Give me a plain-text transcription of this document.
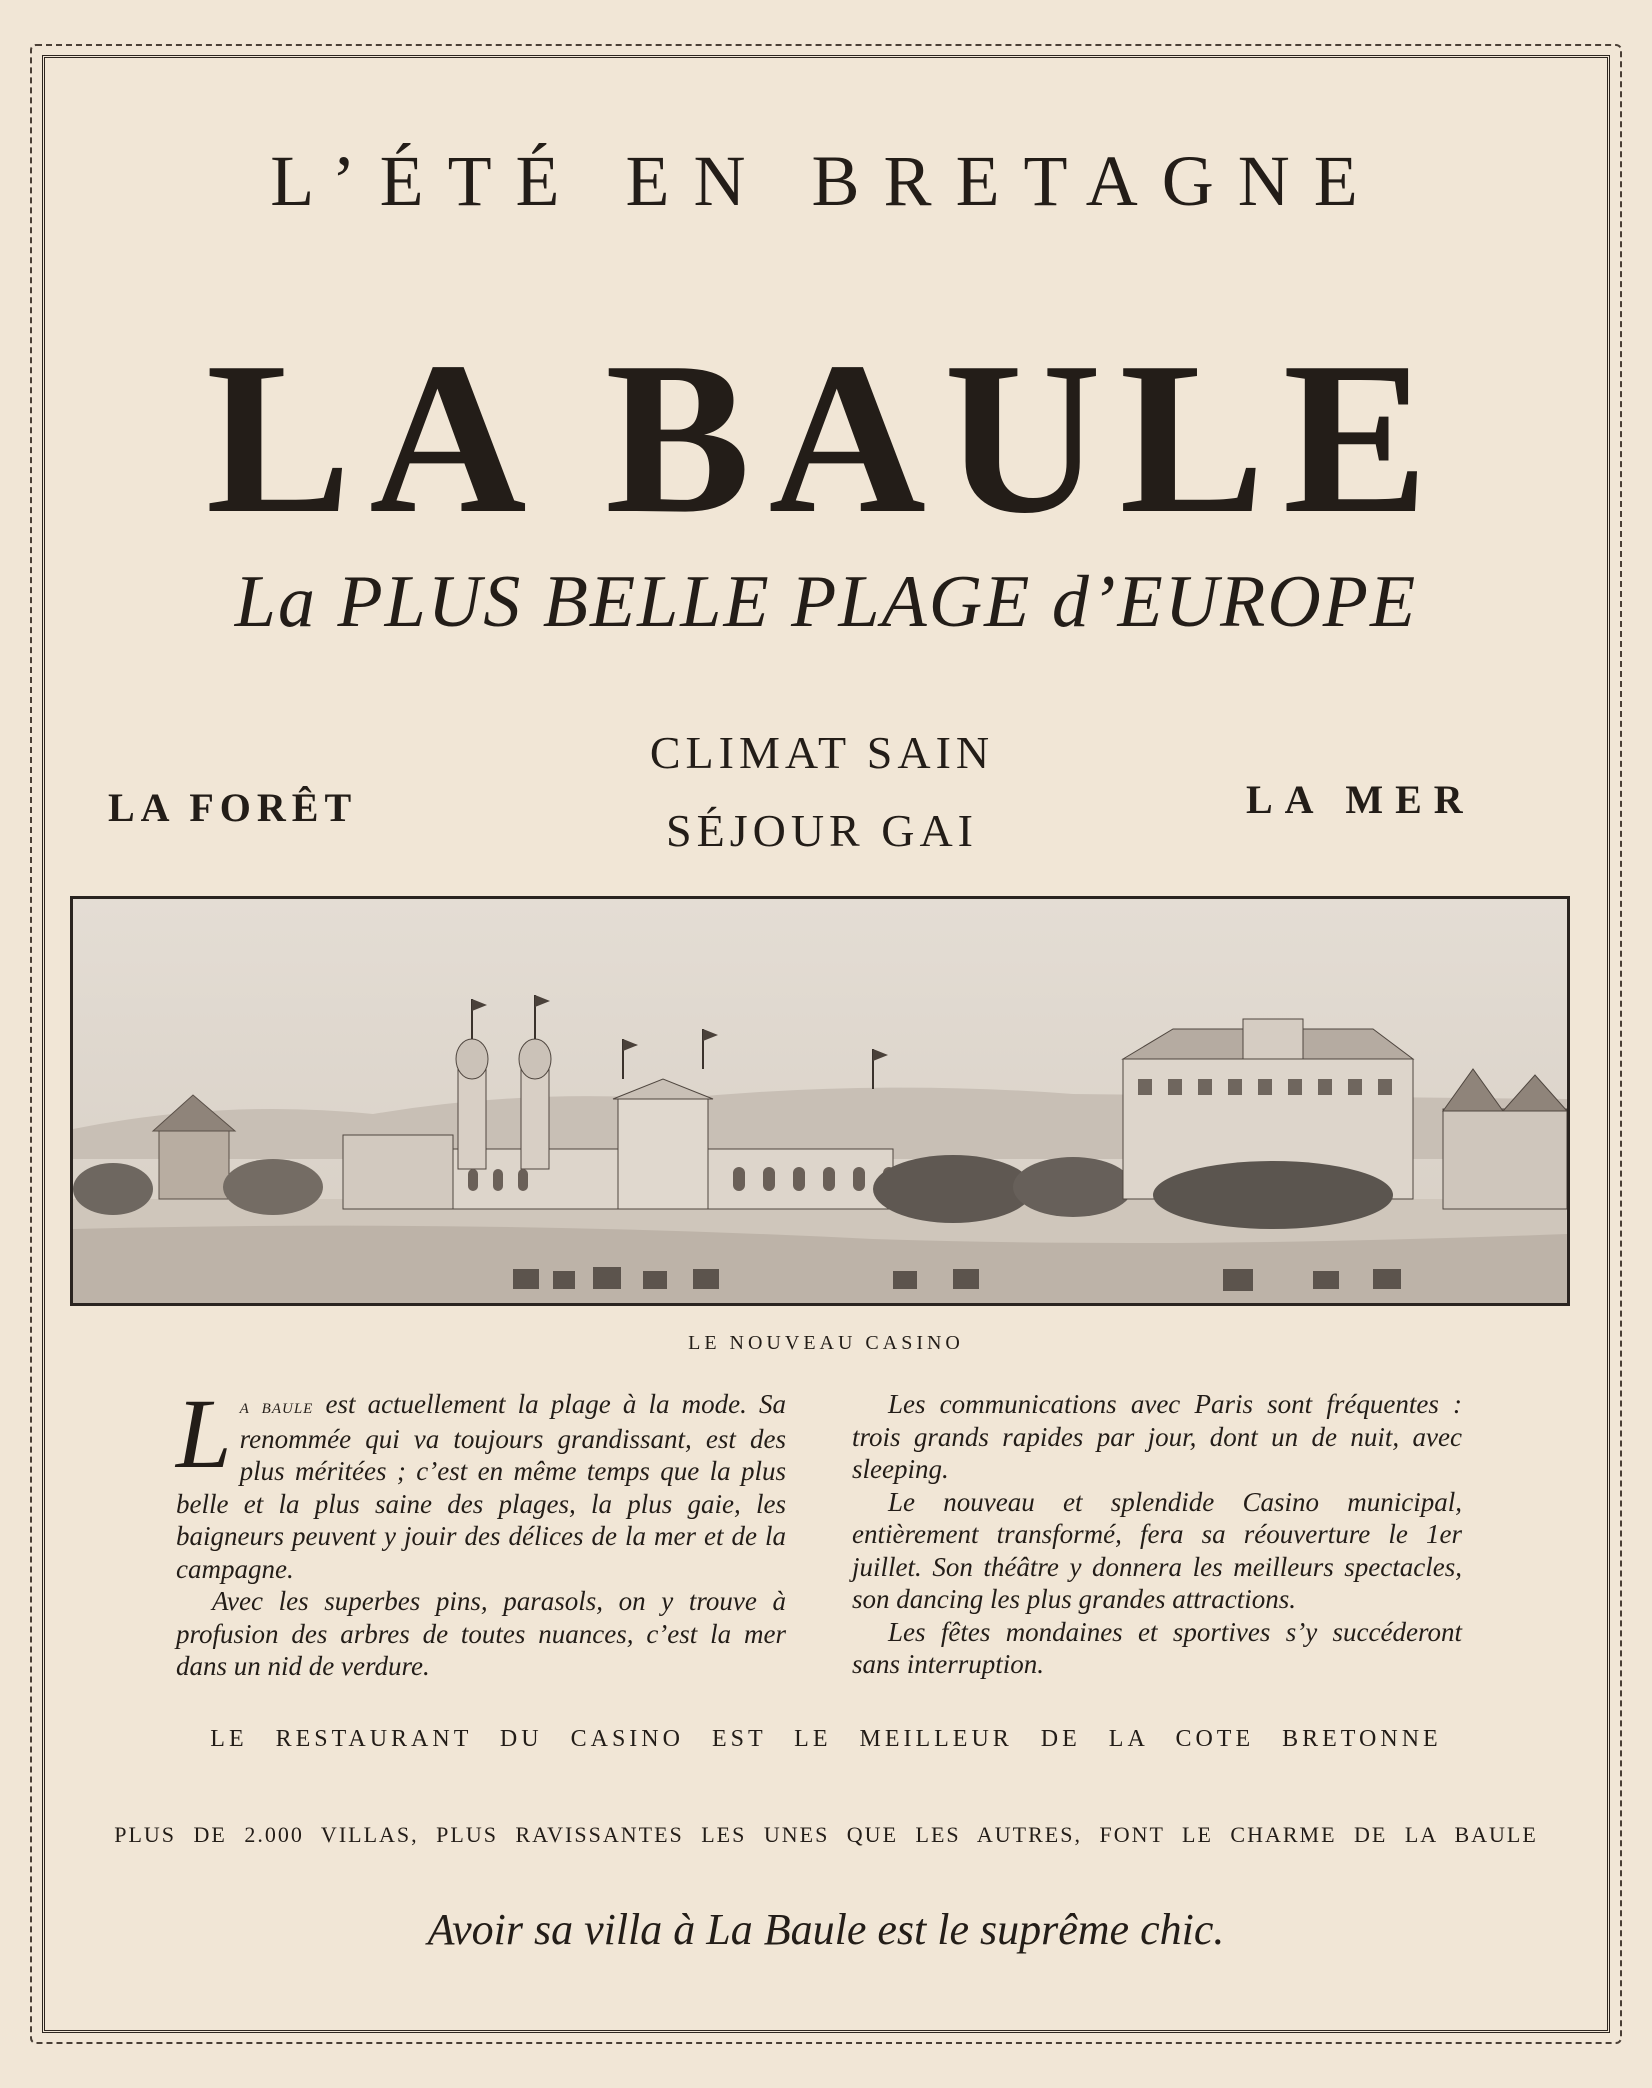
L’ÉTÉ EN BRETAGNE
LA BAULE
La PLUS BELLE PLAGE d’EUROPE
LA FORÊT
CLIMAT SAIN
SÉJOUR GAI
LA MER
LE NOUVEAU CASINO

La baule est actuellement la plage à la mode. Sa renommée qui va toujours grandissant, est des plus méritées ; c’est en même temps que la plus belle et la plus saine des plages, la plus gaie, les baigneurs peuvent y jouir des délices de la mer et de la campagne.

Avec les superbes pins, parasols, on y trouve à profusion des arbres de toutes nuances, c’est la mer dans un nid de verdure.

Les communications avec Paris sont fréquentes : trois grands rapides par jour, dont un de nuit, avec sleeping.

Le nouveau et splendide Casino municipal, entièrement transformé, fera sa réouverture le 1er juillet. Son théâtre y donnera les meilleurs spectacles, son dancing les plus grandes attractions.

Les fêtes mondaines et sportives s’y succéderont sans interruption.

LE RESTAURANT DU CASINO EST LE MEILLEUR DE LA COTE BRETONNE
PLUS DE 2.000 VILLAS, PLUS RAVISSANTES LES UNES QUE LES AUTRES, FONT LE CHARME DE LA BAULE
Avoir sa villa à La Baule est le suprême chic.
